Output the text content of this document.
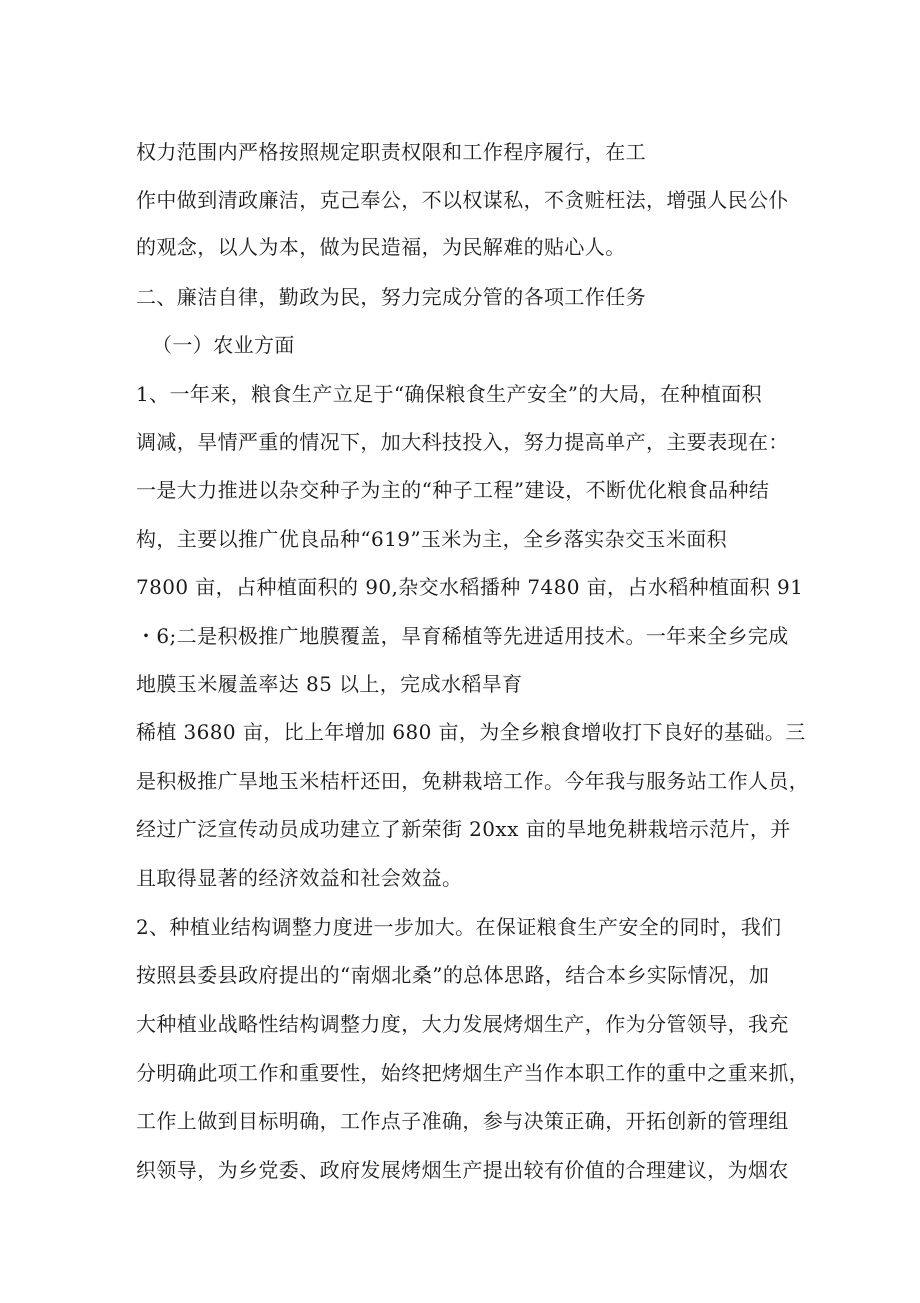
权力范围内严格按照规定职责权限和工作程序履行，在工
作中做到清政廉洁，克己奉公，不以权谋私，不贪赃枉法，增强人民公仆
的观念，以人为本，做为民造福，为民解难的贴心人。
二、廉洁自律，勤政为民，努力完成分管的各项工作任务
（一）农业方面
1、一年来，粮食生产立足于“确保粮食生产安全”的大局，在种植面积
调减，旱情严重的情况下，加大科技投入，努力提高单产，主要表现在：
一是大力推进以杂交种子为主的“种子工程”建设，不断优化粮食品种结
构，主要以推广优良品种“619”玉米为主，全乡落实杂交玉米面积
7800 亩，占种植面积的 90,杂交水稻播种 7480 亩，占水稻种植面积 91
・6;二是积极推广地膜覆盖，旱育稀植等先进适用技术。一年来全乡完成
地膜玉米履盖率达 85 以上，完成水稻旱育
稀植 3680 亩，比上年增加 680 亩，为全乡粮食增收打下良好的基础。三
是积极推广旱地玉米桔杆还田，免耕栽培工作。今年我与服务站工作人员，
经过广泛宣传动员成功建立了新荣街 20xx 亩的旱地免耕栽培示范片，并
且取得显著的经济效益和社会效益。
2、种植业结构调整力度进一步加大。在保证粮食生产安全的同时，我们
按照县委县政府提出的“南烟北桑”的总体思路，结合本乡实际情况，加
大种植业战略性结构调整力度，大力发展烤烟生产，作为分管领导，我充
分明确此项工作和重要性，始终把烤烟生产当作本职工作的重中之重来抓，
工作上做到目标明确，工作点子准确，参与决策正确，开拓创新的管理组
织领导，为乡党委、政府发展烤烟生产提出较有价值的合理建议，为烟农
